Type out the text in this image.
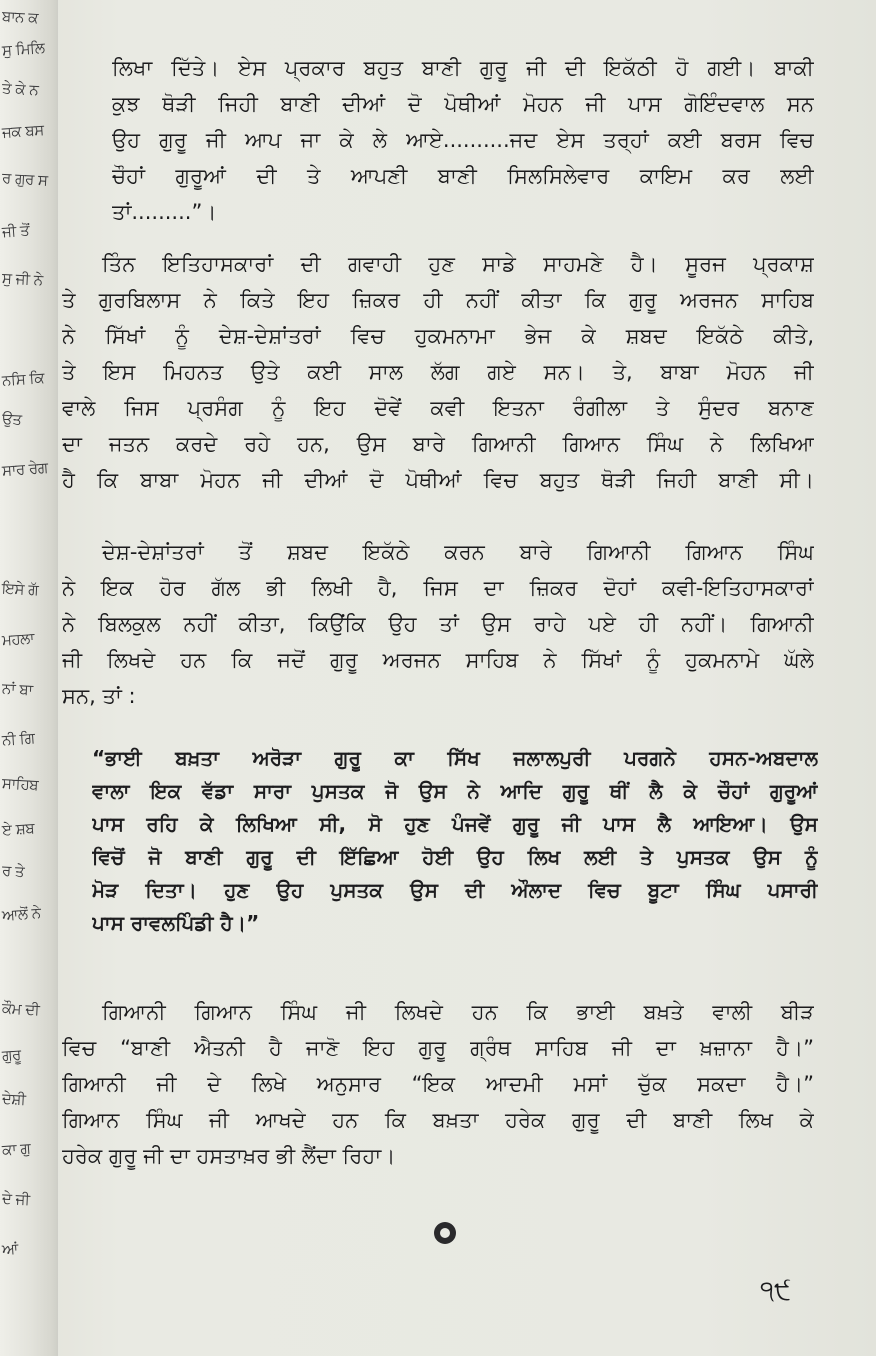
ਬਾਨ ਕ
ਸੁ ਮਿਲਿ
ਤੇ ਕੇ ਨ
ਜਕ ਬਸ
ਰ ਗੁਰ ਸ
ਜੀ ਤੋਂ
ਸੁ ਜੀ ਨੇ
ਨਸਿ ਕਿ
ਉਤ
ਸਾਰ ਰੇਗ
ਇਸੇ ਗੱ
ਮਹਲਾ
ਨਾਂ ਬਾ
ਨੀ ਗਿ
ਸਾਹਿਬ
ਏ ਸ਼ਬ
ਰ ਤੇ
ਆਲੋਂ ਨੇ
ਕੌਮ ਦੀ
ਗੁਰੂ
ਦੇਸ਼ੀ
ਕਾ ਗੁ
ਦੇ ਜੀ
ਆਂ
ਲਿਖਾ ਦਿੱਤੇ। ਏਸ ਪ੍ਰਕਾਰ ਬਹੁਤ ਬਾਣੀ ਗੁਰੂ ਜੀ ਦੀ ਇਕੱਠੀ ਹੋ ਗਈ। ਬਾਕੀ
ਕੁਝ ਥੋੜੀ ਜਿਹੀ ਬਾਣੀ ਦੀਆਂ ਦੋ ਪੋਥੀਆਂ ਮੋਹਨ ਜੀ ਪਾਸ ਗੋਇੰਦਵਾਲ ਸਨ
ਉਹ ਗੁਰੂ ਜੀ ਆਪ ਜਾ ਕੇ ਲੇ ਆਏ..........ਜਦ ਏਸ ਤਰ੍ਹਾਂ ਕਈ ਬਰਸ ਵਿਚ
ਚੌਹਾਂ ਗੁਰੂਆਂ ਦੀ ਤੇ ਆਪਣੀ ਬਾਣੀ ਸਿਲਸਿਲੇਵਾਰ ਕਾਇਮ ਕਰ ਲਈ
ਤਾਂ.........”।
ਤਿੰਨ ਇਤਿਹਾਸਕਾਰਾਂ ਦੀ ਗਵਾਹੀ ਹੁਣ ਸਾਡੇ ਸਾਹਮਣੇ ਹੈ। ਸੂਰਜ ਪ੍ਰਕਾਸ਼
ਤੇ ਗੁਰਬਿਲਾਸ ਨੇ ਕਿਤੇ ਇਹ ਜ਼ਿਕਰ ਹੀ ਨਹੀਂ ਕੀਤਾ ਕਿ ਗੁਰੂ ਅਰਜਨ ਸਾਹਿਬ
ਨੇ ਸਿੱਖਾਂ ਨੂੰ ਦੇਸ਼-ਦੇਸ਼ਾਂਤਰਾਂ ਵਿਚ ਹੁਕਮਨਾਮਾ ਭੇਜ ਕੇ ਸ਼ਬਦ ਇਕੱਠੇ ਕੀਤੇ,
ਤੇ ਇਸ ਮਿਹਨਤ ਉਤੇ ਕਈ ਸਾਲ ਲੱਗ ਗਏ ਸਨ। ਤੇ, ਬਾਬਾ ਮੋਹਨ ਜੀ
ਵਾਲੇ ਜਿਸ ਪ੍ਰਸੰਗ ਨੂੰ ਇਹ ਦੋਵੇਂ ਕਵੀ ਇਤਨਾ ਰੰਗੀਲਾ ਤੇ ਸੁੰਦਰ ਬਨਾਣ
ਦਾ ਜਤਨ ਕਰਦੇ ਰਹੇ ਹਨ, ਉਸ ਬਾਰੇ ਗਿਆਨੀ ਗਿਆਨ ਸਿੰਘ ਨੇ ਲਿਖਿਆ
ਹੈ ਕਿ ਬਾਬਾ ਮੋਹਨ ਜੀ ਦੀਆਂ ਦੋ ਪੋਥੀਆਂ ਵਿਚ ਬਹੁਤ ਥੋੜੀ ਜਿਹੀ ਬਾਣੀ ਸੀ।
ਦੇਸ਼-ਦੇਸ਼ਾਂਤਰਾਂ ਤੋਂ ਸ਼ਬਦ ਇਕੱਠੇ ਕਰਨ ਬਾਰੇ ਗਿਆਨੀ ਗਿਆਨ ਸਿੰਘ
ਨੇ ਇਕ ਹੋਰ ਗੱਲ ਭੀ ਲਿਖੀ ਹੈ, ਜਿਸ ਦਾ ਜ਼ਿਕਰ ਦੋਹਾਂ ਕਵੀ-ਇਤਿਹਾਸਕਾਰਾਂ
ਨੇ ਬਿਲਕੁਲ ਨਹੀਂ ਕੀਤਾ, ਕਿਉਂਕਿ ਉਹ ਤਾਂ ਉਸ ਰਾਹੇ ਪਏ ਹੀ ਨਹੀਂ। ਗਿਆਨੀ
ਜੀ ਲਿਖਦੇ ਹਨ ਕਿ ਜਦੋਂ ਗੁਰੂ ਅਰਜਨ ਸਾਹਿਬ ਨੇ ਸਿੱਖਾਂ ਨੂੰ ਹੁਕਮਨਾਮੇ ਘੱਲੇ
ਸਨ, ਤਾਂ :
“ਭਾਈ ਬਖ਼ਤਾ ਅਰੋੜਾ ਗੁਰੂ ਕਾ ਸਿੱਖ ਜਲਾਲਪੁਰੀ ਪਰਗਨੇ ਹਸਨ-ਅਬਦਾਲ
ਵਾਲਾ ਇਕ ਵੱਡਾ ਸਾਰਾ ਪੁਸਤਕ ਜੋ ਉਸ ਨੇ ਆਦਿ ਗੁਰੂ ਥੀਂ ਲੈ ਕੇ ਚੌਹਾਂ ਗੁਰੂਆਂ
ਪਾਸ ਰਹਿ ਕੇ ਲਿਖਿਆ ਸੀ, ਸੋ ਹੁਣ ਪੰਜਵੇਂ ਗੁਰੂ ਜੀ ਪਾਸ ਲੈ ਆਇਆ। ਉਸ
ਵਿਚੋਂ ਜੋ ਬਾਣੀ ਗੁਰੂ ਦੀ ਇੱਛਿਆ ਹੋਈ ਉਹ ਲਿਖ ਲਈ ਤੇ ਪੁਸਤਕ ਉਸ ਨੂੰ
ਮੋੜ ਦਿਤਾ। ਹੁਣ ਉਹ ਪੁਸਤਕ ਉਸ ਦੀ ਔਲਾਦ ਵਿਚ ਬੂਟਾ ਸਿੰਘ ਪਸਾਰੀ
ਪਾਸ ਰਾਵਲਪਿੰਡੀ ਹੈ।”
ਗਿਆਨੀ ਗਿਆਨ ਸਿੰਘ ਜੀ ਲਿਖਦੇ ਹਨ ਕਿ ਭਾਈ ਬਖ਼ਤੇ ਵਾਲੀ ਬੀੜ
ਵਿਚ “ਬਾਣੀ ਐਤਨੀ ਹੈ ਜਾਣੋ ਇਹ ਗੁਰੂ ਗ੍ਰੰਥ ਸਾਹਿਬ ਜੀ ਦਾ ਖ਼ਜ਼ਾਨਾ ਹੈ।”
ਗਿਆਨੀ ਜੀ ਦੇ ਲਿਖੇ ਅਨੁਸਾਰ “ਇਕ ਆਦਮੀ ਮਸਾਂ ਚੁੱਕ ਸਕਦਾ ਹੈ।”
ਗਿਆਨ ਸਿੰਘ ਜੀ ਆਖਦੇ ਹਨ ਕਿ ਬਖ਼ਤਾ ਹਰੇਕ ਗੁਰੂ ਦੀ ਬਾਣੀ ਲਿਖ ਕੇ
ਹਰੇਕ ਗੁਰੂ ਜੀ ਦਾ ਹਸਤਾਖ਼ਰ ਭੀ ਲੈਂਦਾ ਰਿਹਾ।
੧੯
